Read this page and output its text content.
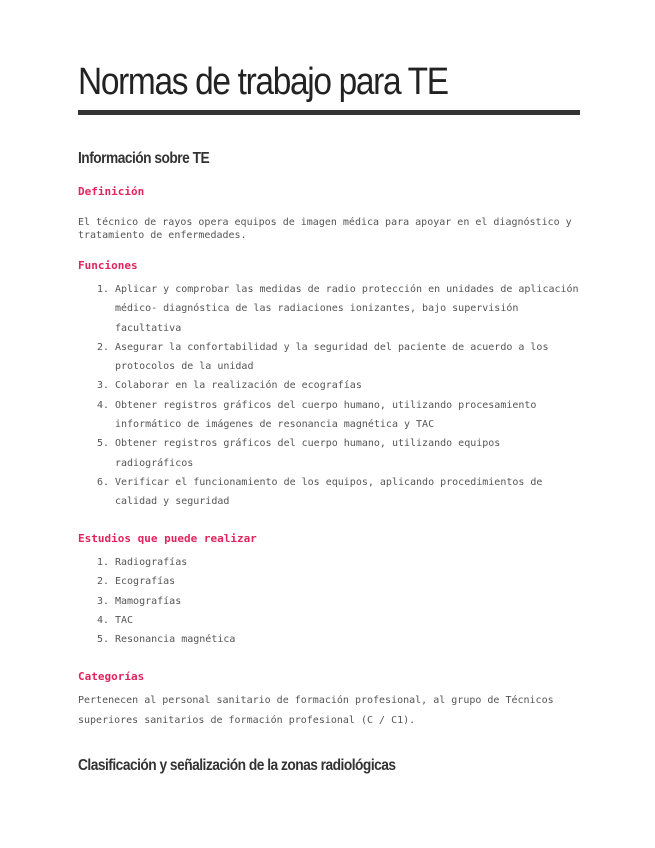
Normas de trabajo para TE
Información sobre TE
Definición

El técnico de rayos opera equipos de imagen médica para apoyar en el diagnóstico y tratamiento de enfermedades.

Funciones
1. Aplicar y comprobar las medidas de radio protección en unidades de aplicación médico- diagnóstica de las radiaciones ionizantes, bajo supervisión facultativa
2. Asegurar la confortabilidad y la seguridad del paciente de acuerdo a los protocolos de la unidad
3. Colaborar en la realización de ecografías
4. Obtener registros gráficos del cuerpo humano, utilizando procesamiento informático de imágenes de resonancia magnética y TAC
5. Obtener registros gráficos del cuerpo humano, utilizando equipos radiográficos
6. Verificar el funcionamiento de los equipos, aplicando procedimientos de calidad y seguridad
Estudios que puede realizar
1. Radiografías
2. Ecografías
3. Mamografías
4. TAC
5. Resonancia magnética
Categorías

Pertenecen al personal sanitario de formación profesional, al grupo de Técnicos superiores sanitarios de formación profesional (C / C1).

Clasificación y señalización de la zonas radiológicas
